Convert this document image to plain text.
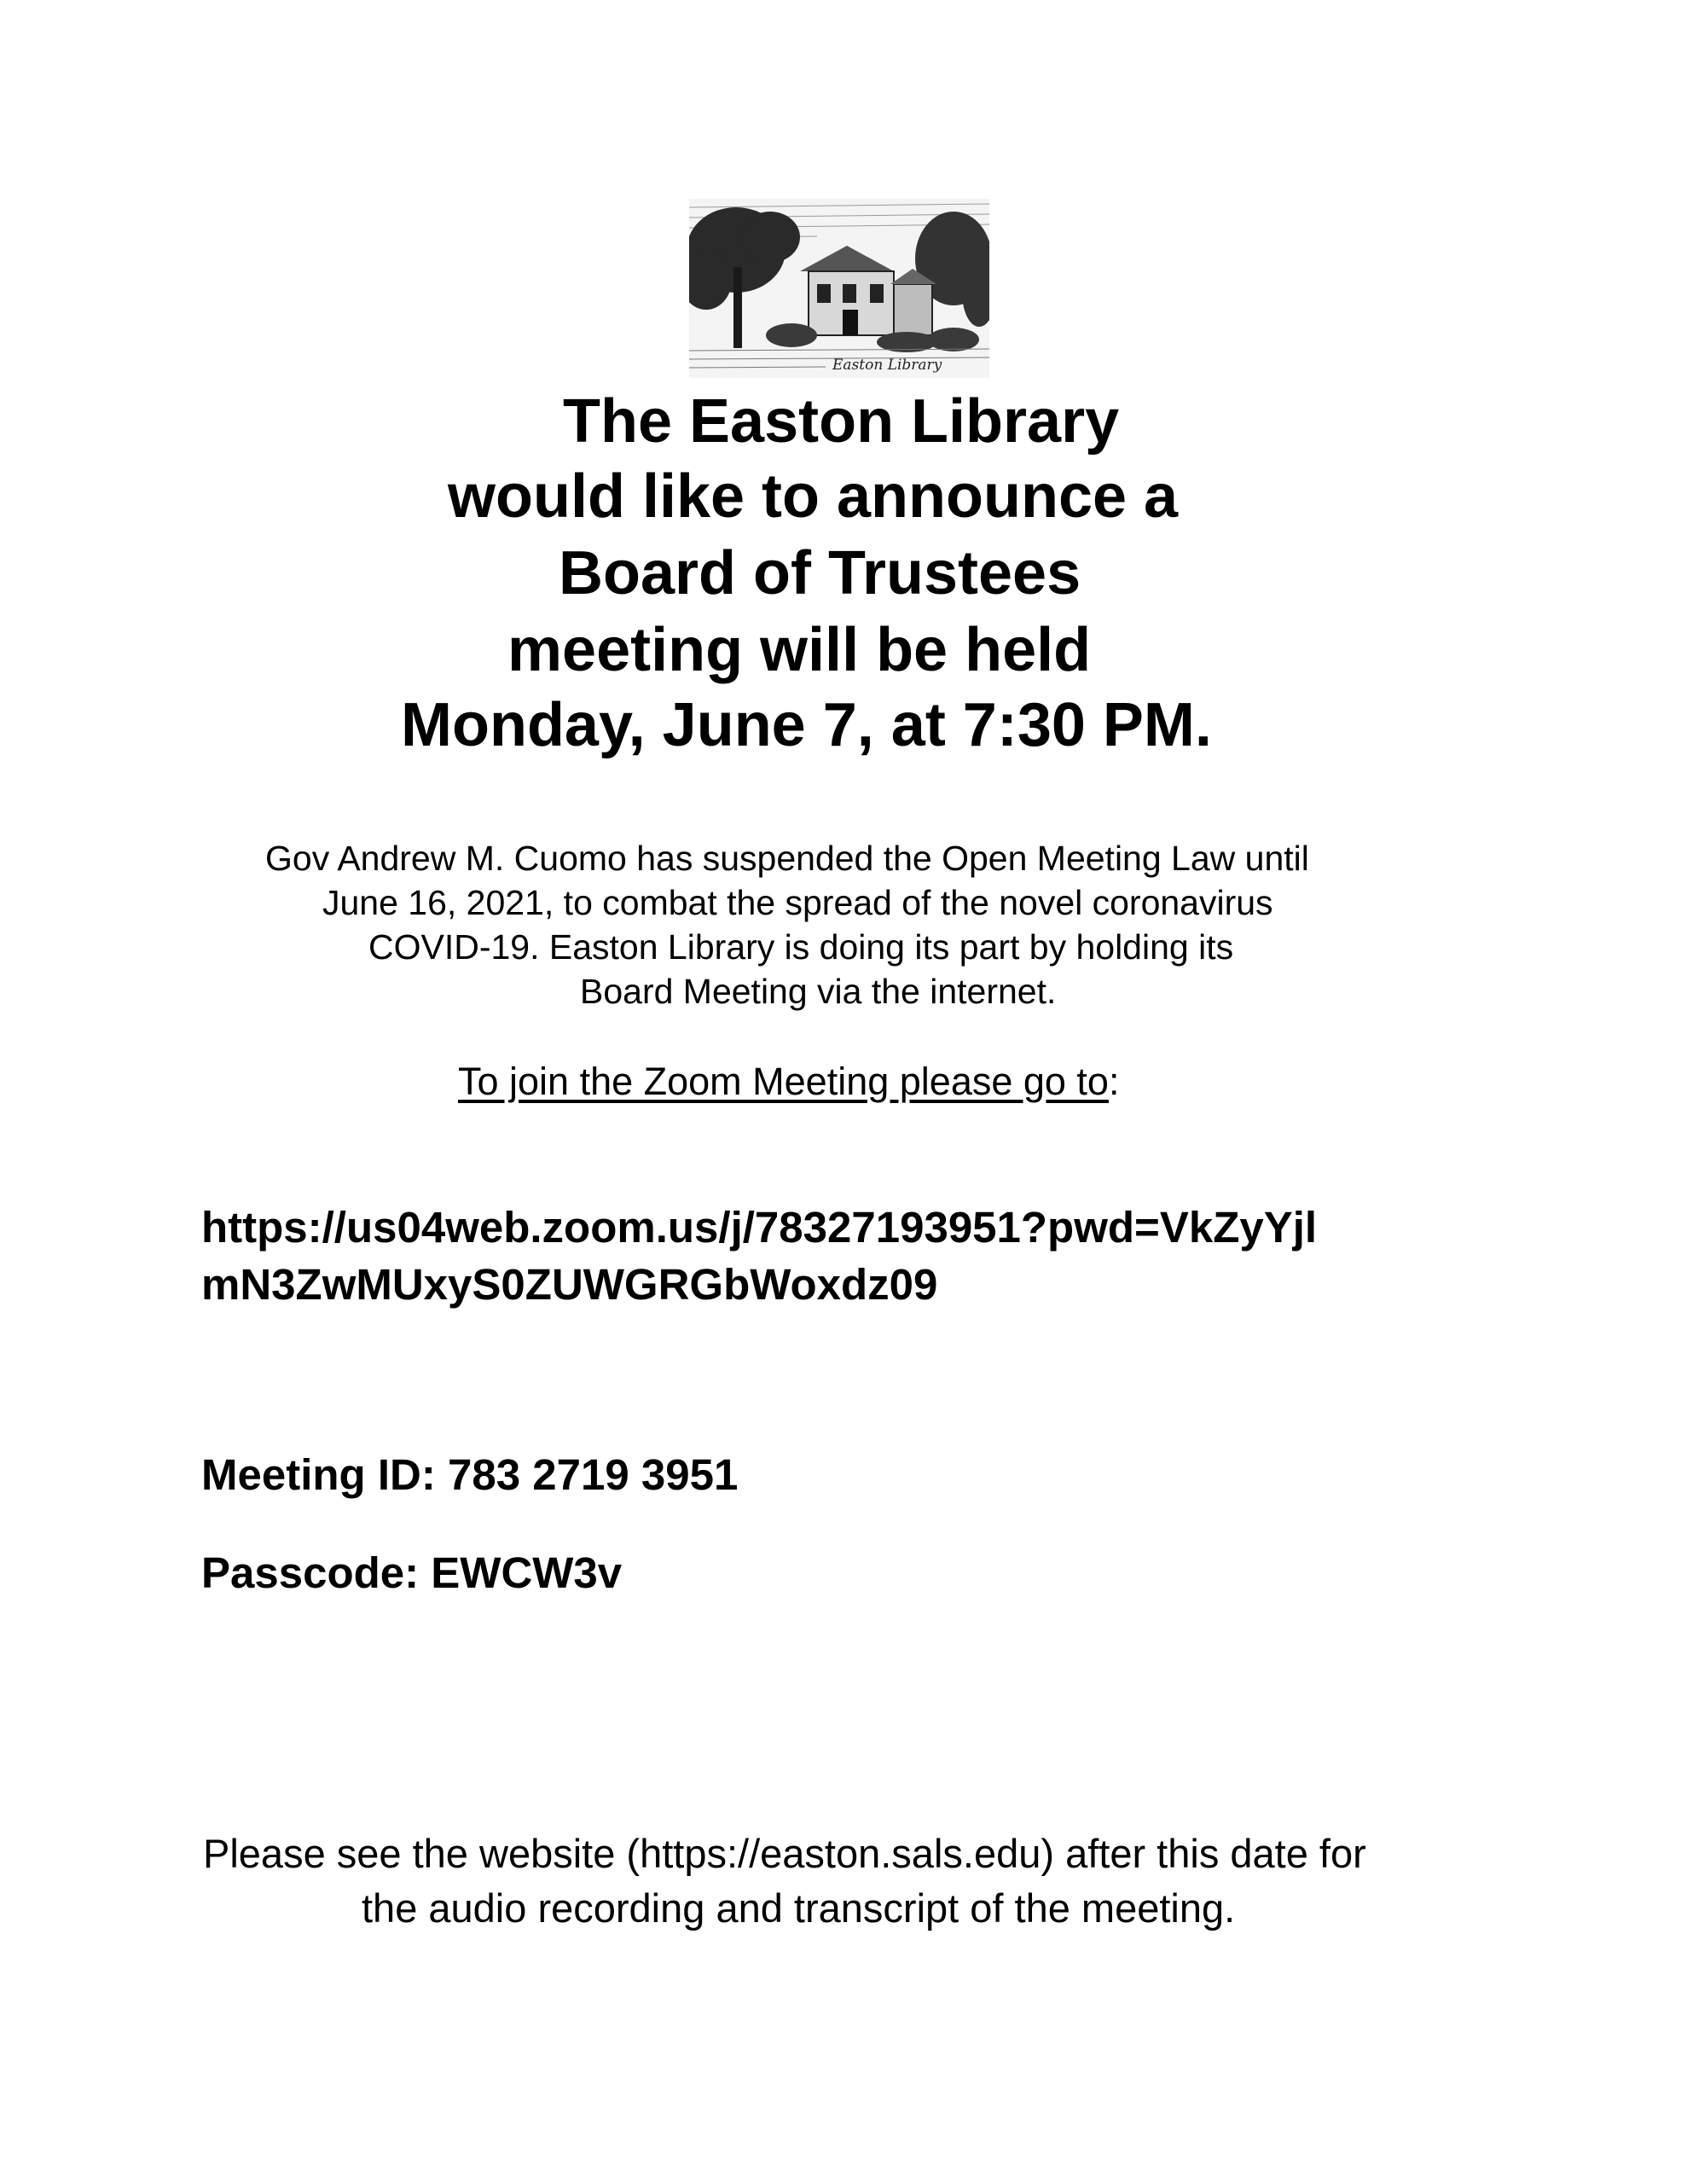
Easton Library
The Easton Library
would like to announce a
Board of Trustees
meeting will be held
Monday, June 7, at 7:30 PM.
Gov Andrew M. Cuomo has suspended the Open Meeting Law until
June 16, 2021, to combat the spread of the novel coronavirus
COVID-19. Easton Library is doing its part by holding its
Board Meeting via the internet.
To join the Zoom Meeting please go to:
https://us04web.zoom.us/j/78327193951?pwd=VkZyYjl
mN3ZwMUxyS0ZUWGRGbWoxdz09
Meeting ID: 783 2719 3951
Passcode: EWCW3v
Please see the website (https://easton.sals.edu) after this date for
the audio recording and transcript of the meeting.
